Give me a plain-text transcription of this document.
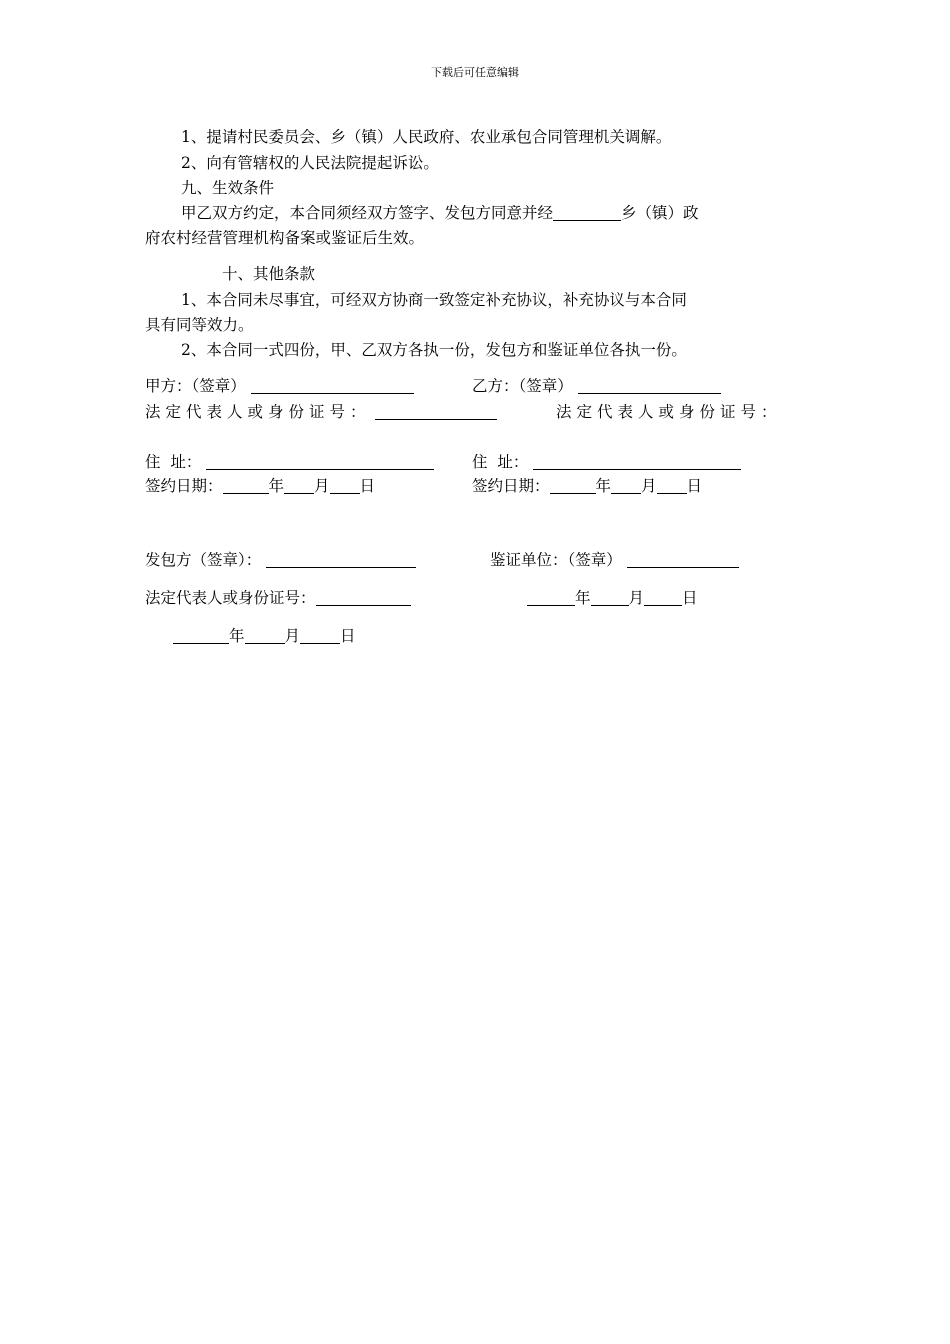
下载后可任意编辑
1、提请村民委员会、乡（镇）人民政府、农业承包合同管理机关调解。
2、向有管辖权的人民法院提起诉讼。
九、生效条件
甲乙双方约定，本合同须经双方签字、发包方同意并经	乡（镇）政
府农村经营管理机构备案或鉴证后生效。
十、其他条款
1、本合同未尽事宜，可经双方协商一致签定补充协议，补充协议与本合同
具有同等效力。
2、本合同一式四份，甲、乙双方各执一份，发包方和鉴证单位各执一份。
甲方：（签章）	乙方：（签章）
法定代表人或身份证号：	法定代表人或身份证号：
住  址：	住  址：
签约日期：	年 月 日	签约日期：	年 月 日
发包方（签章）：	鉴证单位：（签章）
法定代表人或身份证号：	年 月 日
年	月	日
